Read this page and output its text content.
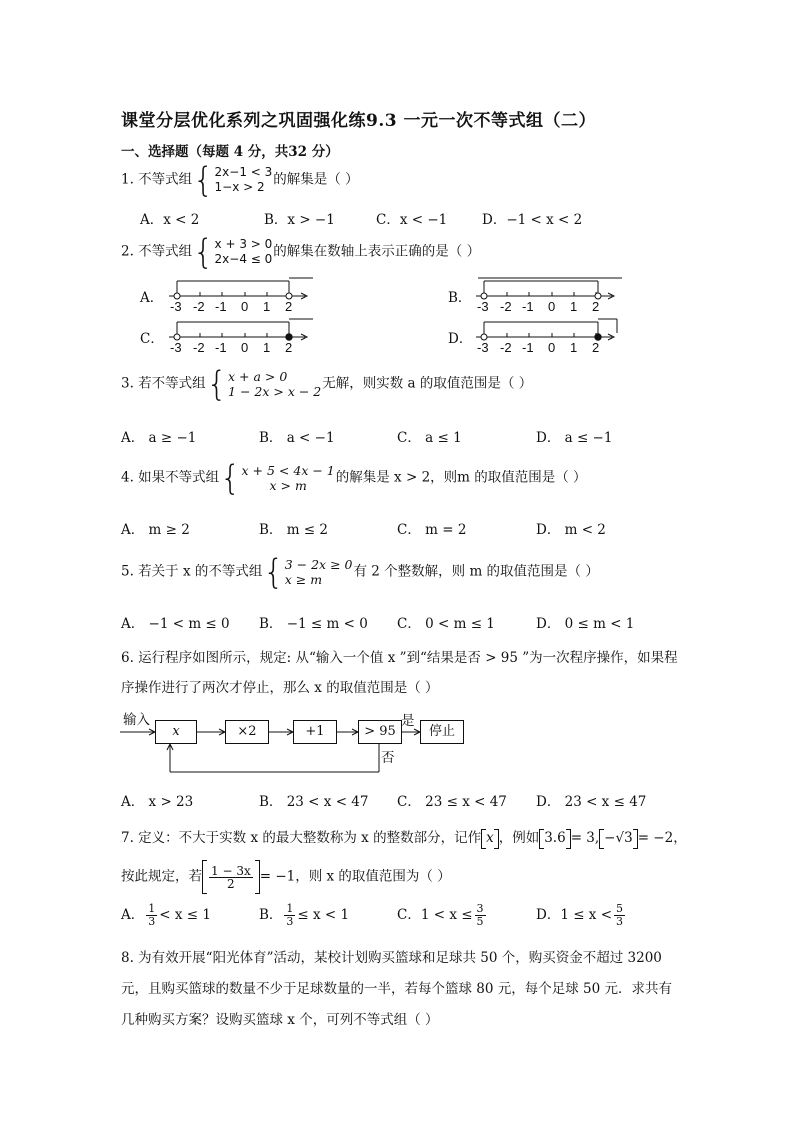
课堂分层优化系列之巩固强化练9.3 一元一次不等式组（二）
一、选择题（每题 4 分，共32 分）
1. 不等式组 { 2x−1 < 3
1−x > 2 的解集是（ ）
A．x < 2	B．x > −1	C．x < −1	D．−1 < x < 2
2. 不等式组 { x + 3 > 0
2x−4 ≤ 0 的解集在数轴上表示正确的是（ ）
A．
-3 -2 -1 0 1 2
B．
-3 -2 -1 0 1 2
C．
-3 -2 -1 0 1 2
D．
-3 -2 -1 0 1 2
3. 若不等式组 { x + a > 0
1 − 2x > x − 2 无解，则实数 a 的取值范围是（ ）
A． a ≥ −1	B． a < −1	C． a ≤ 1	D． a ≤ −1
4. 如果不等式组 { x + 5 < 4x − 1
x > m 的解集是 x > 2，则m 的取值范围是（ ）
A． m ≥ 2	B． m ≤ 2	C． m = 2	D． m < 2
5. 若关于 x 的不等式组 { 3 − 2x ≥ 0
x ≥ m	有 2 个整数解，则 m 的取值范围是（ ）
A． −1 < m ≤ 0 B． −1 ≤ m < 0 C． 0 < m ≤ 1	D． 0 ≤ m < 1
6. 运行程序如图所示，规定: 从“输入一个值 x ”到“结果是否 > 95 ”为一次程序操作，如果程
序操作进行了两次才停止，那么 x 的取值范围是（ ）
输入
x	×2	+1	> 95
是
停止
否
A． x > 23	B． 23 < x < 47 C． 23 ≤ x < 47 D． 23 < x ≤ 47
7. 定义：不大于实数 x 的最大整数称为 x 的整数部分，记作 x ，例如 3.6 = 3, −√3 = −2，
按此规定，若 $\frac{1 - 3x}{2} = -1$，则 x 的取值范围为（ ）
A． $\frac{1}{3} < x \le 1$	B． $\frac{1}{3} \le x < 1$	C．$1 < x \le \frac{3}{5}$	D．$1 \le x < \frac{5}{3}$
8. 为有效开展“阳光体育”活动，某校计划购买篮球和足球共 50 个，购买资金不超过 3200
元，且购买篮球的数量不少于足球数量的一半，若每个篮球 80 元，每个足球 50 元．求共有
几种购买方案？设购买篮球 x 个，可列不等式组（ ）
